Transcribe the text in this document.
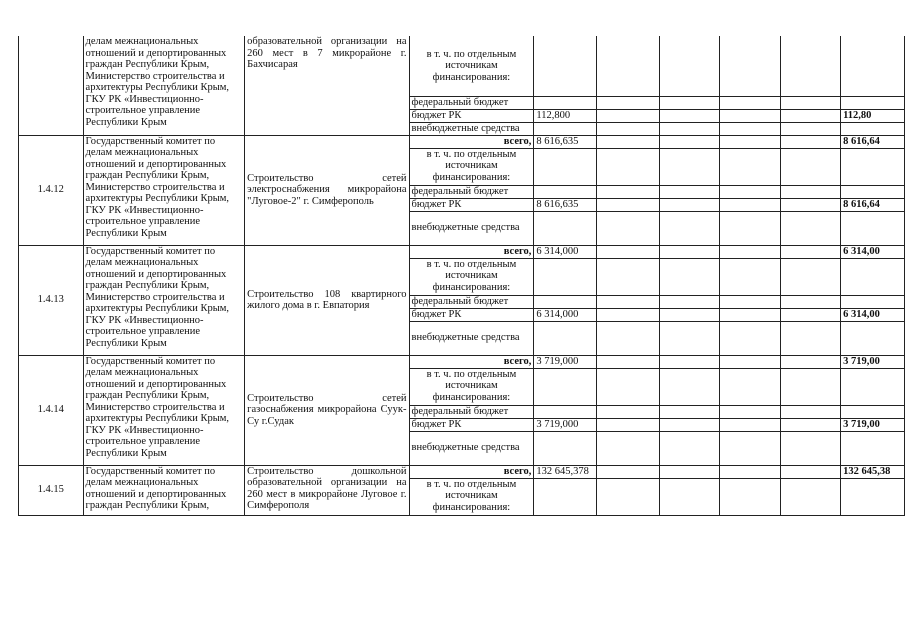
	делам межнациональных отношений и депортированных граждан Республики Крым, Министерство строительства и архитектуры Республики Крым, ГКУ РК «Инвестиционно-строительное управление Республики Крым	образовательной организации на 260 мест в 7 микрорайоне г. Бахчисарая	в т. ч. по отдельным источникам финансирования:						
			федеральный бюджет						
			бюджет РК	112,800					112,80
			внебюджетные средства						
1.4.12	Государственный комитет по делам межнациональных отношений и депортированных граждан Республики Крым, Министерство строительства и архитектуры Республики Крым, ГКУ РК «Инвестиционно-строительное управление Республики Крым	Строительство сетей электроснабжения микрорайона "Луговое-2" г. Симферополь	всего,	8 616,635					8 616,64
			в т. ч. по отдельным источникам финансирования:						
			федеральный бюджет						
			бюджет РК	8 616,635					8 616,64
			внебюджетные средства						
1.4.13	Государственный комитет по делам межнациональных отношений и депортированных граждан Республики Крым, Министерство строительства и архитектуры Республики Крым, ГКУ РК «Инвестиционно-строительное управление Республики Крым	Строительство 108 квартирного жилого дома в г. Евпатория	всего,	6 314,000					6 314,00
			в т. ч. по отдельным источникам финансирования:						
			федеральный бюджет						
			бюджет РК	6 314,000					6 314,00
			внебюджетные средства						
1.4.14	Государственный комитет по делам межнациональных отношений и депортированных граждан Республики Крым, Министерство строительства и архитектуры Республики Крым, ГКУ РК «Инвестиционно-строительное управление Республики Крым	Строительство сетей газоснабжения микрорайона Суук-Су г.Судак	всего,	3 719,000					3 719,00
			в т. ч. по отдельным источникам финансирования:						
			федеральный бюджет						
			бюджет РК	3 719,000					3 719,00
			внебюджетные средства						
1.4.15	Государственный комитет по делам межнациональных отношений и депортированных граждан Республики Крым,	Строительство дошкольной образовательной организации на 260 мест в микрорайоне Луговое г. Симферополя	всего,	132 645,378					132 645,38
			в т. ч. по отдельным источникам финансирования:						
